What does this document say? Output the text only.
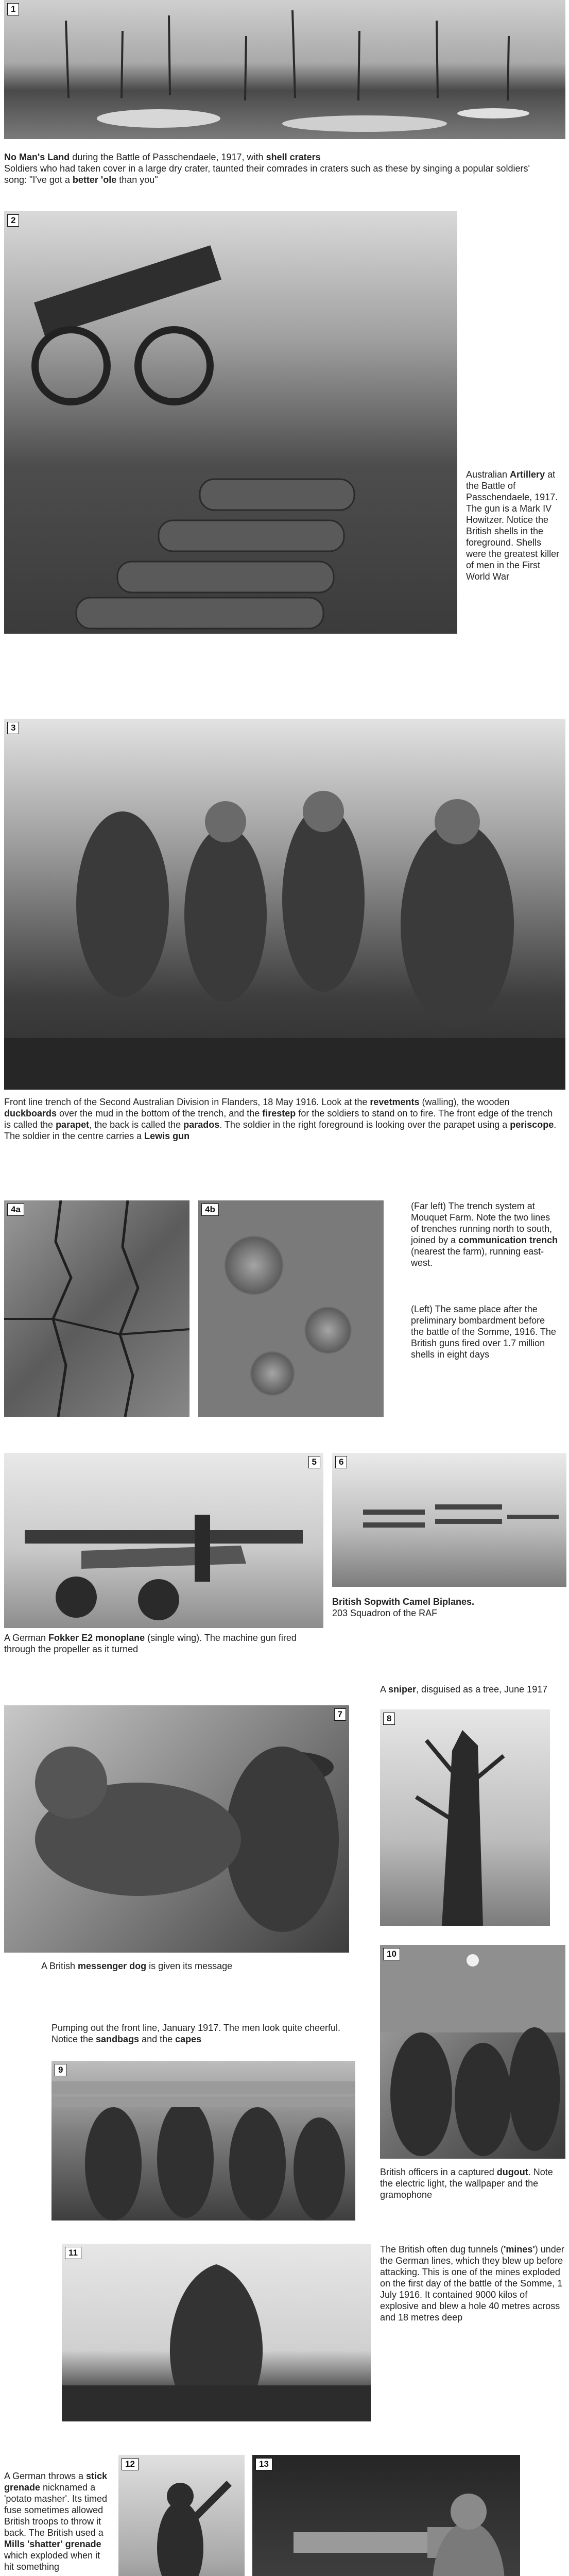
1
No Man's Land during the Battle of Passchendaele, 1917, with shell craters
Soldiers who had taken cover in a large dry crater, taunted their comrades in craters such as these by singing a popular soldiers' song: "I've got a better 'ole than you"
2
Australian Artillery at the Battle of Passchendaele, 1917. The gun is a Mark IV Howitzer. Notice the British shells in the foreground. Shells were the greatest killer of men in the First World War
3
Front line trench of the Second Australian Division in Flanders, 18 May 1916. Look at the revetments (walling), the wooden duckboards over the mud in the bottom of the trench, and the firestep for the soldiers to stand on to fire. The front edge of the trench is called the parapet, the back is called the parados. The soldier in the right foreground is looking over the parapet using a periscope. The soldier in the centre carries a Lewis gun
4a	4b	(Far left) The trench system at Mouquet Farm. Note the two lines of trenches running north to south, joined by a communication trench (nearest the farm), running east-west.
(Left) The same place after the preliminary bombardment before the battle of the Somme, 1916. The British guns fired over 1.7 million shells in eight days
5
A German Fokker E2 monoplane (single wing). The machine gun fired through the propeller as it turned
6
British Sopwith Camel Biplanes.
203 Squadron of the RAF
7
A British messenger dog is given its message
A sniper, disguised as a tree, June 1917
8
Pumping out the front line, January 1917. The men look quite cheerful. Notice the sandbags and the capes
9
10
British officers in a captured dugout. Note the electric light, the wallpaper and the gramophone
11	The British often dug tunnels ('mines') under the German lines, which they blew up before attacking. This is one of the mines exploded on the first day of the battle of the Somme, 1 July 1916. It contained 9000 kilos of explosive and blew a hole 40 metres across and 18 metres deep
A German throws a stick grenade nicknamed a 'potato masher'. Its timed fuse sometimes allowed British troops to throw it back. The British used a Mills 'shatter' grenade which exploded when it hit something
12	13
